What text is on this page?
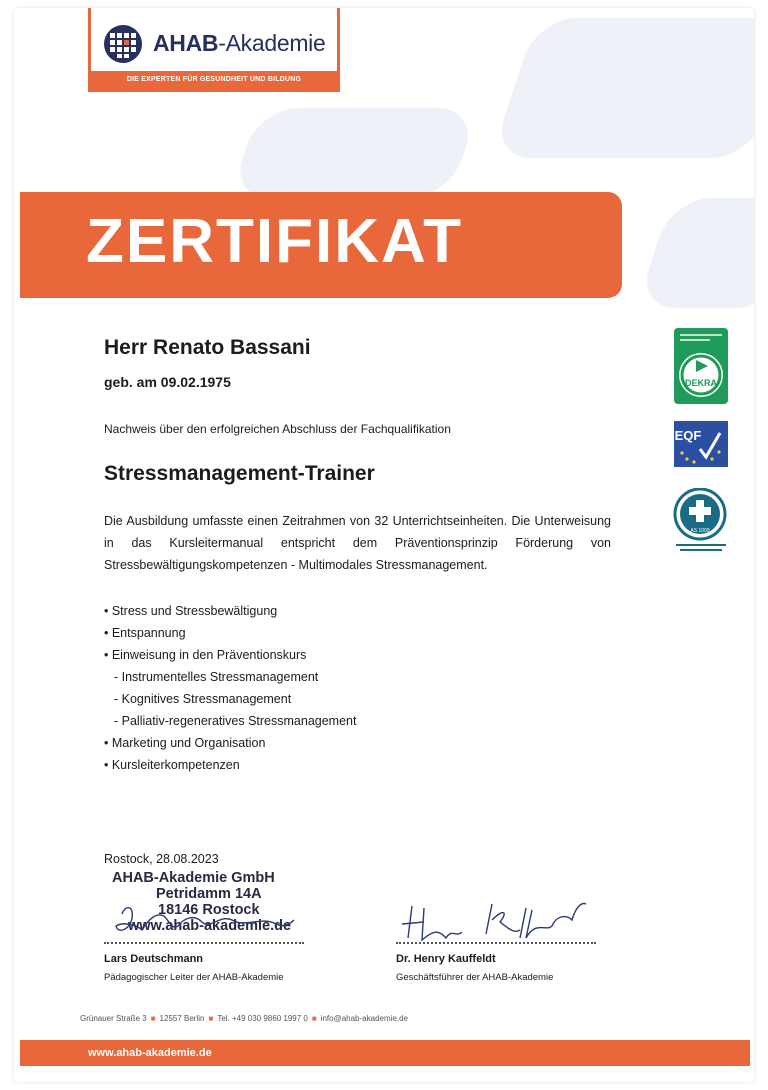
AHAB-Akademie
DIE EXPERTEN FÜR GESUNDHEIT UND BILDUNG
ZERTIFIKAT
DEKRA

EQF

AS 1000
Herr Renato Bassani
geb. am 09.02.1975
Nachweis über den erfolgreichen Abschluss der Fachqualifikation
Stressmanagement-Trainer
Die Ausbildung umfasste einen Zeitrahmen von 32 Unterrichtseinheiten. Die Unterweisung in das Kursleitermanual entspricht dem Präventionsprinzip Förderung von Stressbewältigungskompetenzen - Multimodales Stressmanagement.
• Stress und Stressbewältigung
• Entspannung
• Einweisung in den Präventionskurs
- Instrumentelles Stressmanagement
- Kognitives Stressmanagement
- Palliativ-regeneratives Stressmanagement
• Marketing und Organisation
• Kursleiterkompetenzen
Rostock, 28.08.2023
AHAB-Akademie GmbH
Petridamm 14A
18146 Rostock
www.ahab-akademie.de
Lars Deutschmann
Pädagogischer Leiter der AHAB-Akademie
Dr. Henry Kauffeldt
Geschäftsführer der AHAB-Akademie
Grünauer Straße 3 ■ 12557 Berlin ■ Tel. +49 030 9860 1997 0 ■ info@ahab-akademie.de
www.ahab-akademie.de
